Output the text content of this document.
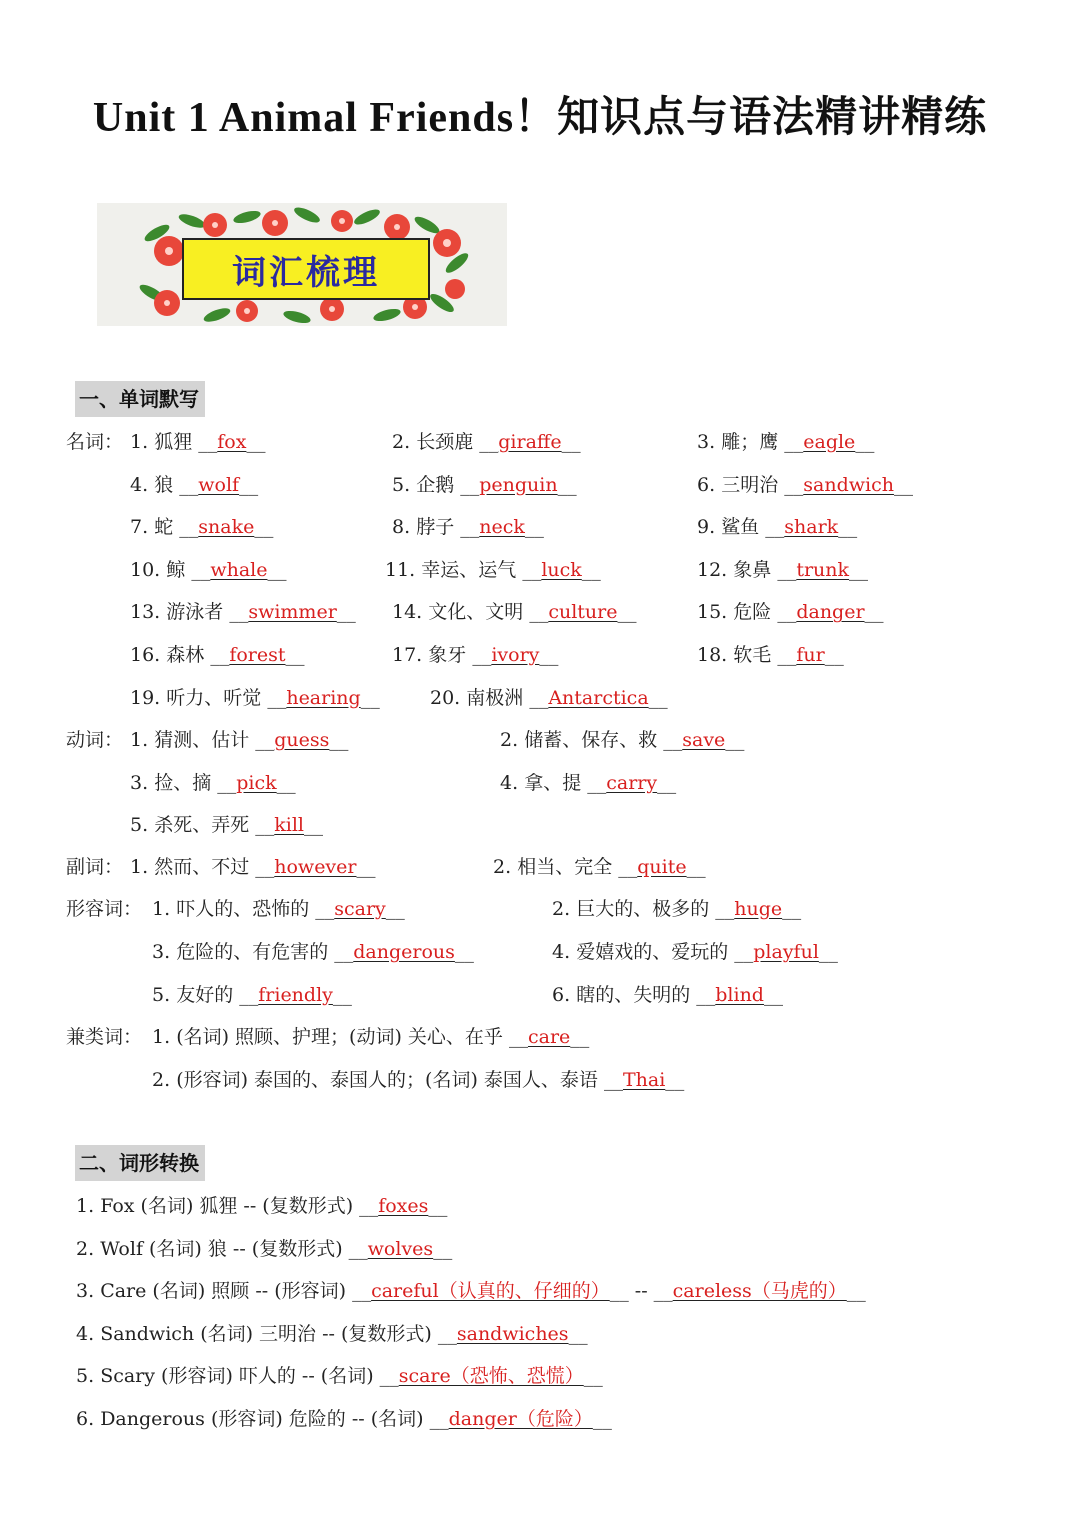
Unit 1 Animal Friends！知识点与语法精讲精练
词汇梳理
一、单词默写
名词： 1. 狐狸 __fox__	2. 长颈鹿 __giraffe__	3. 雕；鹰 __eagle__
4. 狼 __wolf__	5. 企鹅 __penguin__	6. 三明治 __sandwich__
7. 蛇 __snake__	8. 脖子 __neck__	9. 鲨鱼 __shark__
10. 鲸 __whale__	11. 幸运、运气 __luck__	12. 象鼻 __trunk__
13. 游泳者 __swimmer__ 14. 文化、文明 __culture__	15. 危险 __danger__
16. 森林 __forest__	17. 象牙 __ivory__	18. 软毛 __fur__
19. 听力、听觉 __hearing__	20. 南极洲 __Antarctica__
动词： 1. 猜测、估计 __guess__	2. 储蓄、保存、救 __save__
3. 捡、摘 __pick__	4. 拿、提 __carry__
5. 杀死、弄死 __kill__
副词： 1. 然而、不过 __however__	2. 相当、完全 __quite__
形容词： 1. 吓人的、恐怖的 __scary__	2. 巨大的、极多的 __huge__
3. 危险的、有危害的 __dangerous__	4. 爱嬉戏的、爱玩的 __playful__
5. 友好的 __friendly__	6. 瞎的、失明的 __blind__
兼类词： 1. (名词) 照顾、护理；(动词) 关心、在乎 __care__
2. (形容词) 泰国的、泰国人的；(名词) 泰国人、泰语 __Thai__
二、词形转换
1. Fox (名词) 狐狸 -- (复数形式) __foxes__
2. Wolf (名词) 狼 -- (复数形式) __wolves__
3. Care (名词) 照顾 -- (形容词) __careful（认真的、仔细的）__ -- __careless（马虎的）__
4. Sandwich (名词) 三明治 -- (复数形式) __sandwiches__
5. Scary (形容词) 吓人的 -- (名词) __scare（恐怖、恐慌）__
6. Dangerous (形容词) 危险的 -- (名词) __danger（危险）__
